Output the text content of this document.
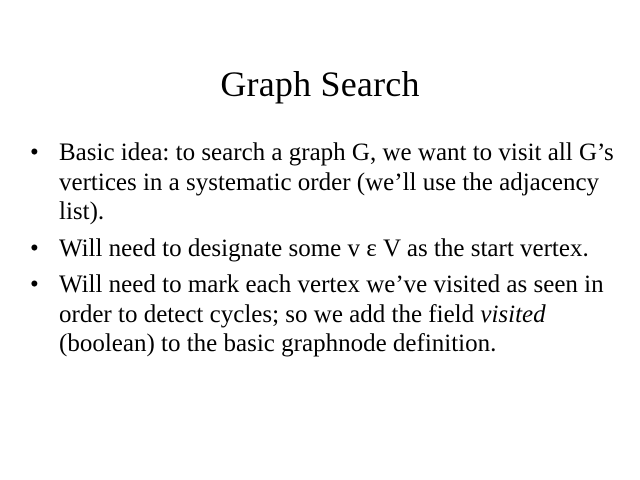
Graph Search
• Basic idea: to search a graph G, we want to visit all G’s vertices in a systematic order (we’ll use the adjacency list).
• Will need to designate some v ε V as the start vertex.
• Will need to mark each vertex we’ve visited as seen in order to detect cycles; so we add the field visited (boolean) to the basic graphnode definition.
